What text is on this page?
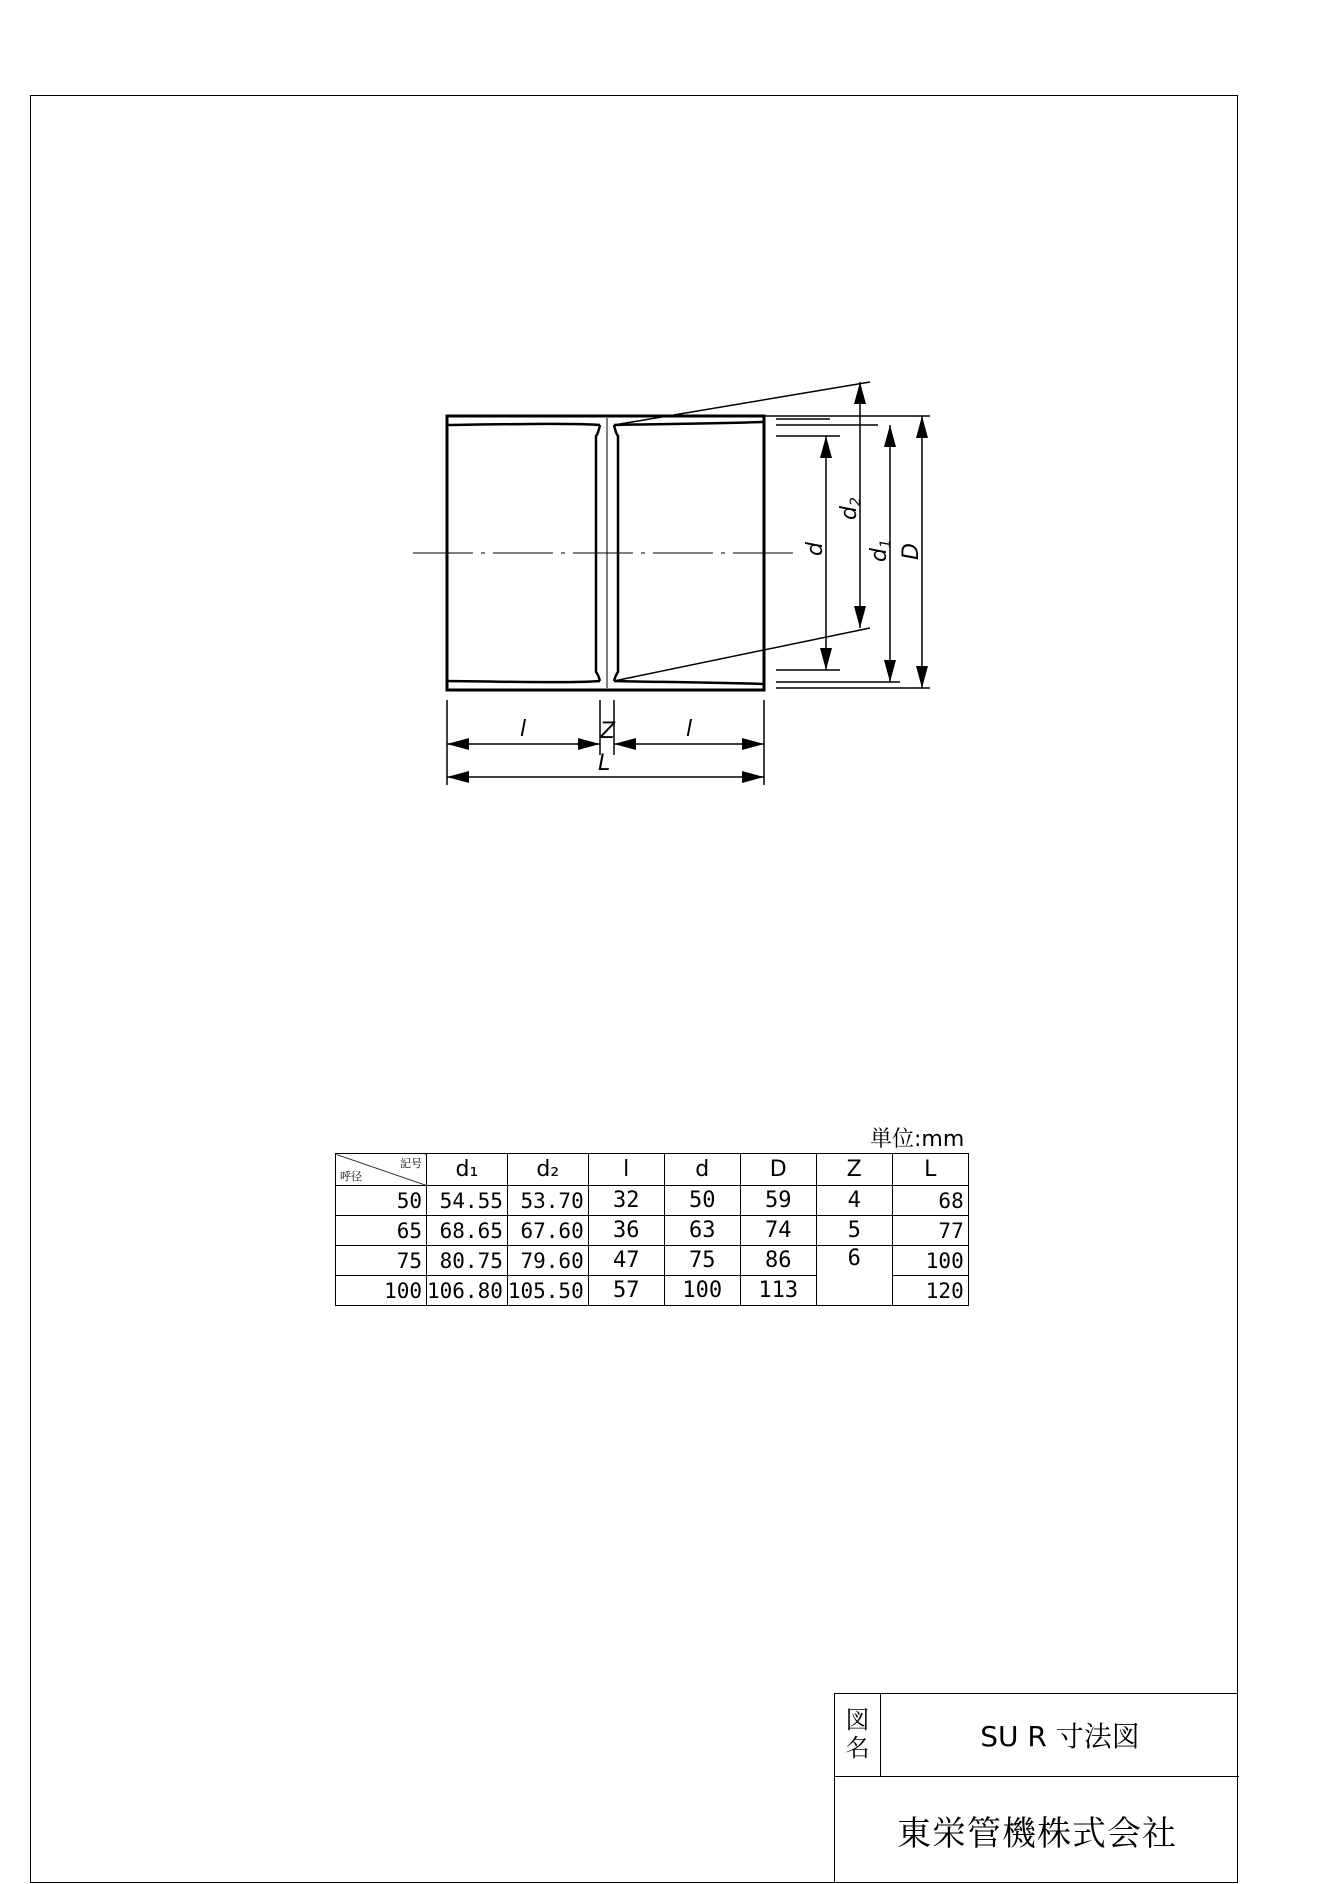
l	Z	l
L
d
d2
d1 D
単位:mm
記号
呼径	d₁	d₂	l	d	D	Z	L
50	54.55	53.70	32	50	59	4	68
65	68.65	67.60	36	63	74	5	77
75	80.75	79.60	47	75	86	6	100
100	106.80	105.50	57	100	113		120
図
名	SU R 寸法図
東栄管機株式会社
